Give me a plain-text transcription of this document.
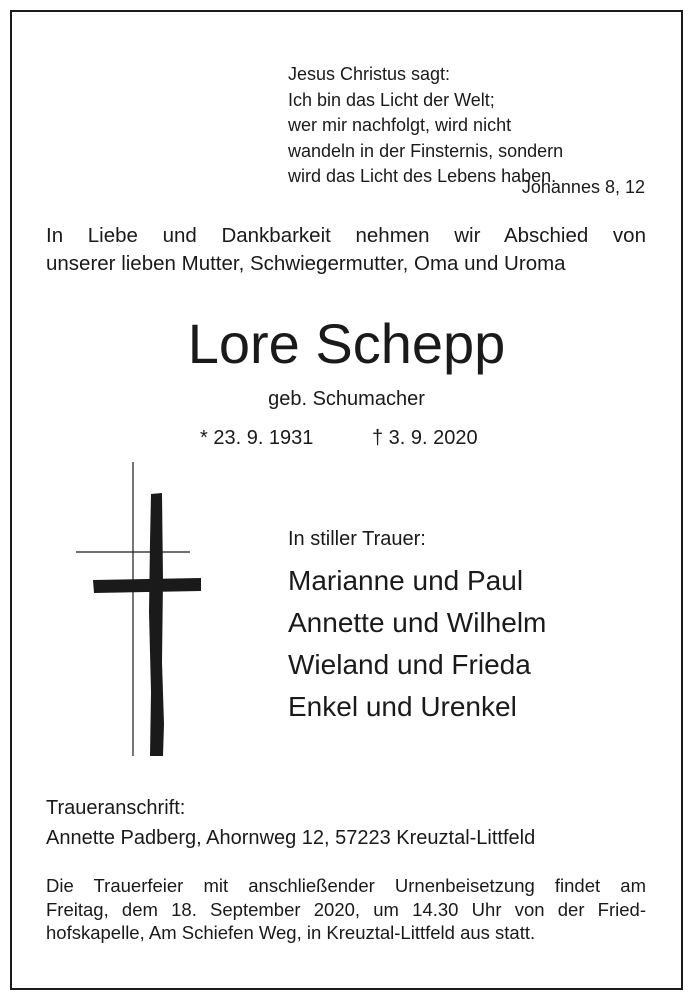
Jesus Christus sagt:
Ich bin das Licht der Welt;
wer mir nachfolgt, wird nicht
wandeln in der Finsternis, sondern
wird das Licht des Lebens haben.
Johannes 8, 12
In Liebe und Dankbarkeit nehmen wir Abschied von
unserer lieben Mutter, Schwiegermutter, Oma und Uroma
Lore Schepp
geb. Schumacher
* 23. 9. 1931	† 3. 9. 2020
In stiller Trauer:
Marianne und Paul
Annette und Wilhelm
Wieland und Frieda
Enkel und Urenkel
Traueranschrift:
Annette Padberg, Ahornweg 12, 57223 Kreuztal-Littfeld
Die Trauerfeier mit anschließender Urnenbeisetzung findet am
Freitag, dem 18. September 2020, um 14.30 Uhr von der Fried-
hofskapelle, Am Schiefen Weg, in Kreuztal-Littfeld aus statt.
